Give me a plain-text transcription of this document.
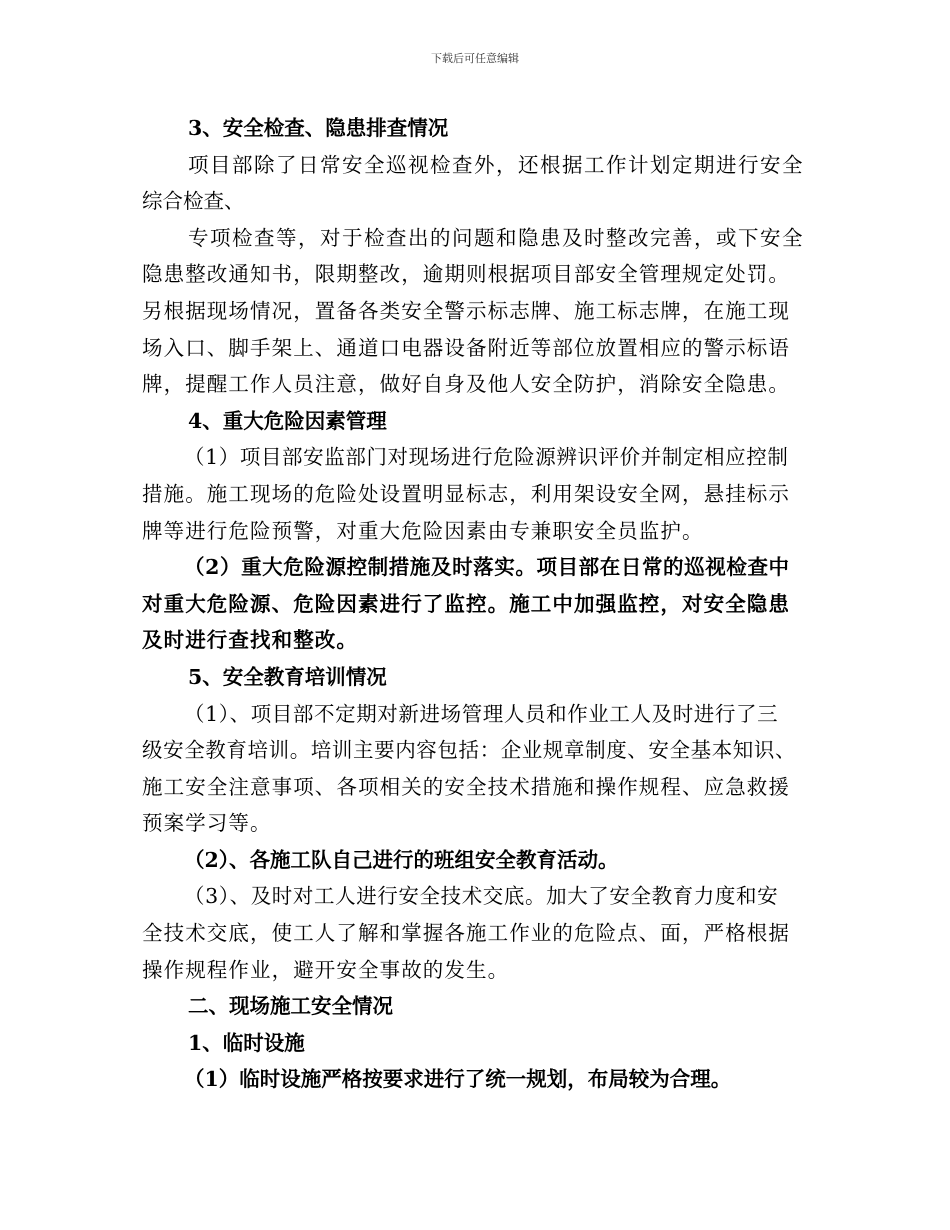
下载后可任意编辑
3、安全检查、隐患排查情况
项目部除了日常安全巡视检查外，还根据工作计划定期进行安全
综合检查、
专项检查等，对于检查出的问题和隐患及时整改完善，或下安全
隐患整改通知书，限期整改，逾期则根据项目部安全管理规定处罚。
另根据现场情况，置备各类安全警示标志牌、施工标志牌，在施工现
场入口、脚手架上、通道口电器设备附近等部位放置相应的警示标语
牌，提醒工作人员注意，做好自身及他人安全防护，消除安全隐患。
4、重大危险因素管理
（1）项目部安监部门对现场进行危险源辨识评价并制定相应控制
措施。施工现场的危险处设置明显标志，利用架设安全网，悬挂标示
牌等进行危险预警，对重大危险因素由专兼职安全员监护。
（2）重大危险源控制措施及时落实。项目部在日常的巡视检查中
对重大危险源、危险因素进行了监控。施工中加强监控，对安全隐患
及时进行查找和整改。
5、安全教育培训情况
（1）、项目部不定期对新进场管理人员和作业工人及时进行了三
级安全教育培训。培训主要内容包括：企业规章制度、安全基本知识、
施工安全注意事项、各项相关的安全技术措施和操作规程、应急救援
预案学习等。
（2）、各施工队自己进行的班组安全教育活动。
（3）、及时对工人进行安全技术交底。加大了安全教育力度和安
全技术交底，使工人了解和掌握各施工作业的危险点、面，严格根据
操作规程作业，避开安全事故的发生。
二、现场施工安全情况
1、临时设施
（1）临时设施严格按要求进行了统一规划，布局较为合理。
